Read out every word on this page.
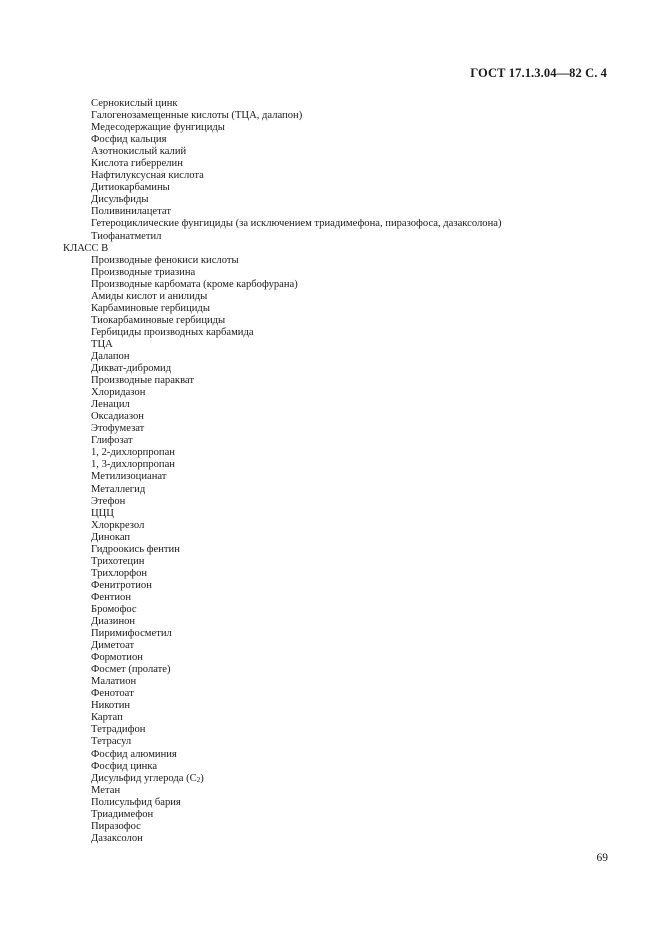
ГОСТ 17.1.3.04—82 С. 4
Сернокислый цинк
Галогенозамещенные кислоты (ТЦА, далапон)
Медесодержащие фунгициды
Фосфид кальция
Азотнокислый калий
Кислота гиберрелин
Нафтилуксусная кислота
Дитиокарбамины
Дисульфиды
Поливинилацетат
Гетероциклические фунгициды (за исключением триадимефона, пиразофоса, дазаксолона)
Тиофанатметил
КЛАСС В
Производные фенокиси кислоты
Производные триазина
Производные карбомата (кроме карбофурана)
Амиды кислот и анилиды
Карбаминовые гербициды
Тиокарбаминовые гербициды
Гербициды производных карбамида
ТЦА
Далапон
Дикват-дибромид
Производные паракват
Хлоридазон
Ленацил
Оксадиазон
Этофумезат
Глифозат
1, 2-дихлорпропан
1, 3-дихлорпропан
Метилизоцианат
Металлегид
Этефон
ЦЦЦ
Хлоркрезол
Динокап
Гидроокись фентин
Трихотецин
Трихлорфон
Фенитротион
Фентион
Бромофос
Диазинон
Пиримифосметил
Диметоат
Формотион
Фосмет (пролате)
Малатион
Фенотоат
Никотин
Картап
Тетрадифон
Тетрасул
Фосфид алюминия
Фосфид цинка
Дисульфид углерода $(С_2)$
Метан
Полисульфид бария
Триадимефон
Пиразофос
Дазаксолон
69
